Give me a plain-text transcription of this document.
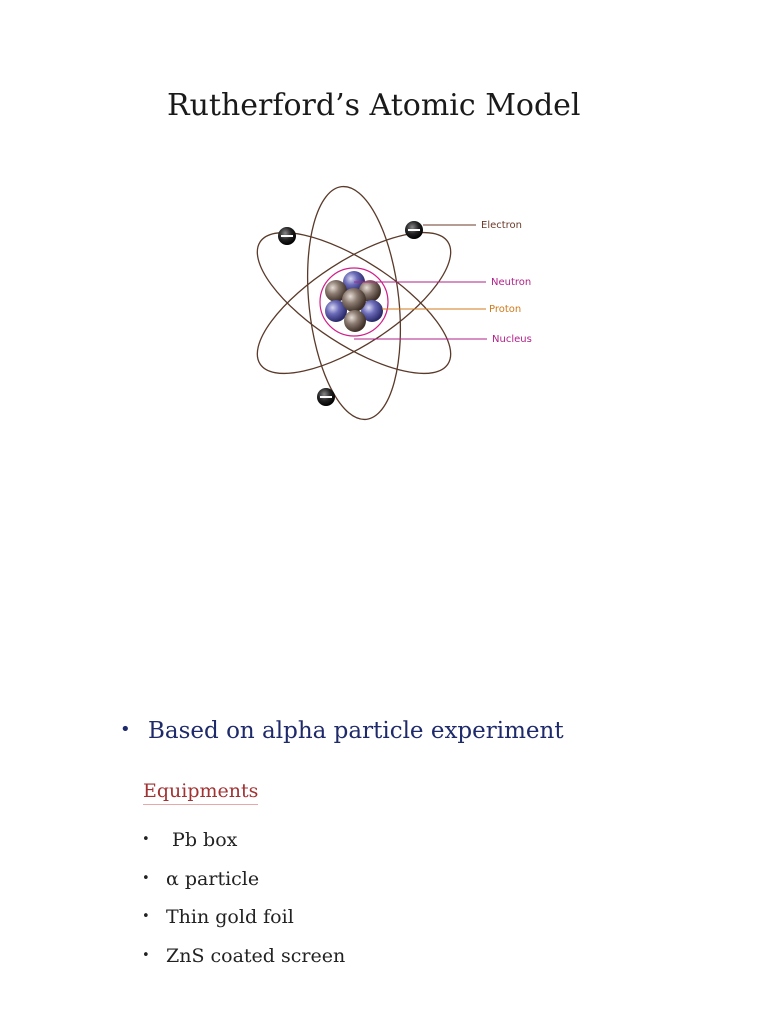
Rutherford’s Atomic Model
Electron
Neutron
Proton
Nucleus
• Based on alpha particle experiment
Equipments
• Pb box
• α particle
• Thin gold foil
• ZnS coated screen
